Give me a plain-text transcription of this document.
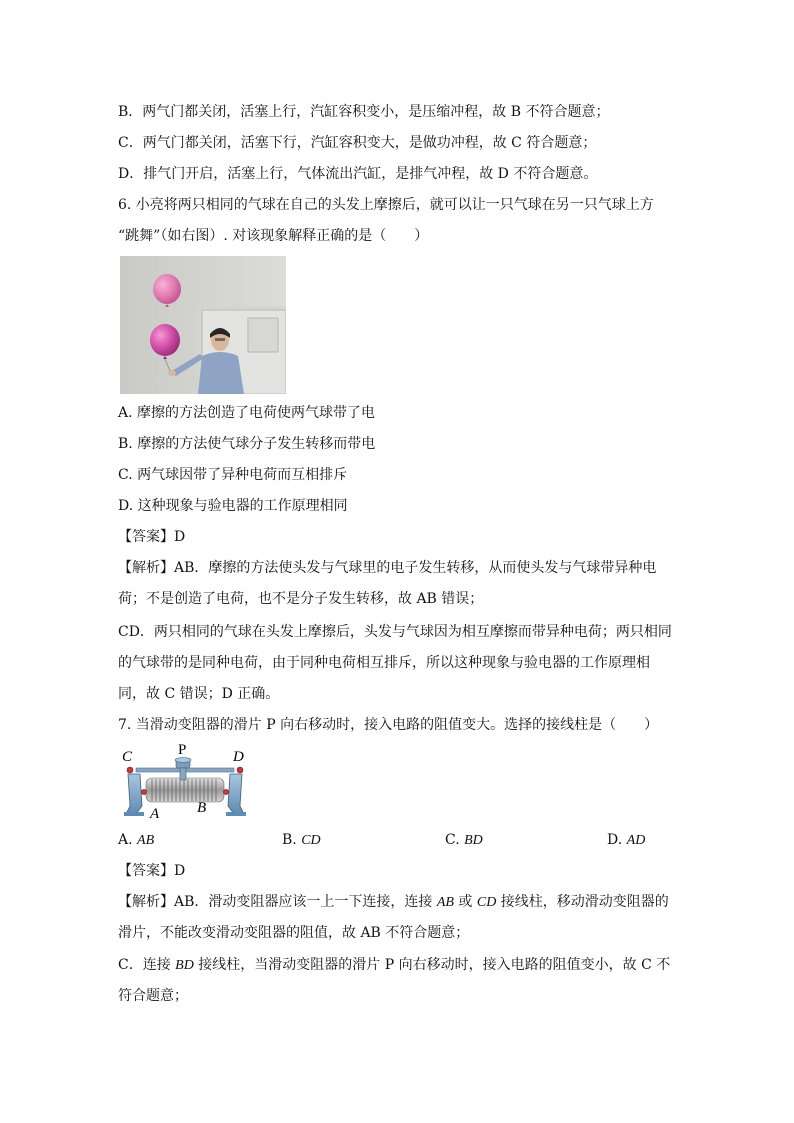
B．两气门都关闭，活塞上行，汽缸容积变小，是压缩冲程，故 B 不符合题意；
C．两气门都关闭，活塞下行，汽缸容积变大，是做功冲程，故 C 符合题意；
D．排气门开启，活塞上行，气体流出汽缸，是排气冲程，故 D 不符合题意。
6. 小亮将两只相同的气球在自己的头发上摩擦后，就可以让一只气球在另一只气球上方
“跳舞”（如右图）. 对该现象解释正确的是（　　）
A. 摩擦的方法创造了电荷使两气球带了电
B. 摩擦的方法使气球分子发生转移而带电
C. 两气球因带了异种电荷而互相排斥
D. 这种现象与验电器的工作原理相同
【答案】D
【解析】AB．摩擦的方法使头发与气球里的电子发生转移，从而使头发与气球带异种电
荷；不是创造了电荷，也不是分子发生转移，故 AB 错误；
CD．两只相同的气球在头发上摩擦后，头发与气球因为相互摩擦而带异种电荷；两只相同
的气球带的是同种电荷，由于同种电荷相互排斥，所以这种现象与验电器的工作原理相
同，故 C 错误；D 正确。
7. 当滑动变阻器的滑片 P 向右移动时，接入电路的阻值变大。选择的接线柱是（　　）
C	P	D
A	B
A. AB	B. CD	C. BD	D. AD
【答案】D
【解析】AB．滑动变阻器应该一上一下连接，连接 AB 或 CD 接线柱，移动滑动变阻器的
滑片，不能改变滑动变阻器的阻值，故 AB 不符合题意；
C．连接 BD 接线柱，当滑动变阻器的滑片 P 向右移动时，接入电路的阻值变小，故 C 不
符合题意；
